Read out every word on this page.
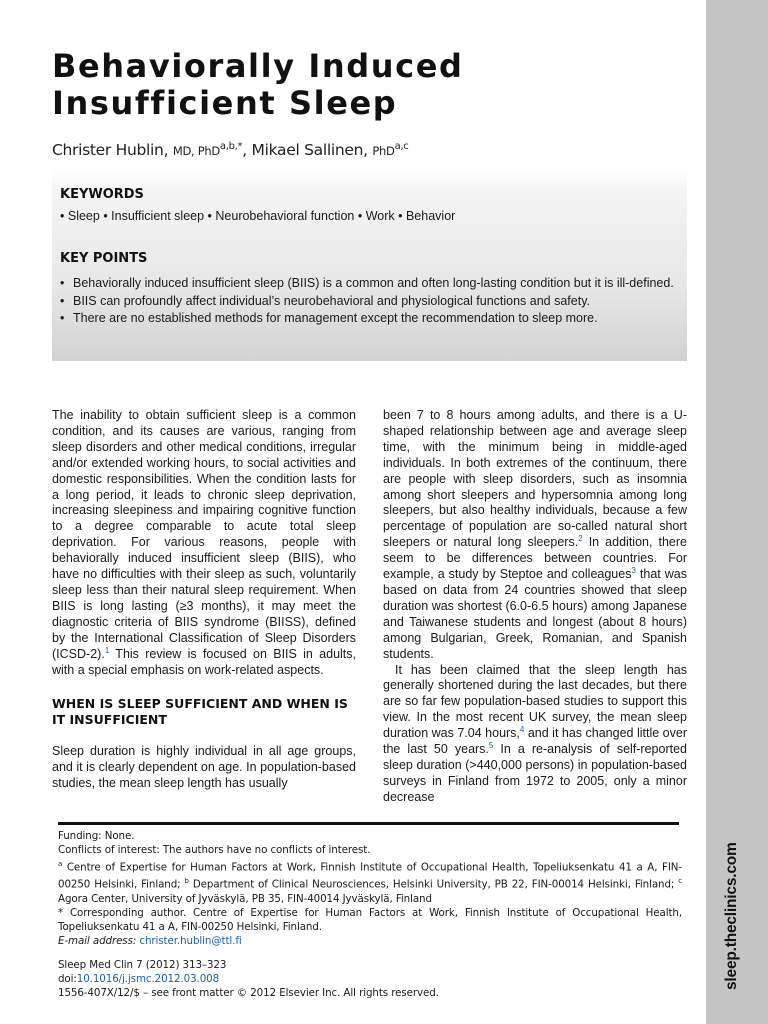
sleep.theclinics.com
Behaviorally Induced
Insufficient Sleep
Christer Hublin, MD, PhD$^{a,b,*}$, Mikael Sallinen, PhD$^{a,c}$
KEYWORDS
• Sleep • Insufficient sleep • Neurobehavioral function • Work • Behavior
KEY POINTS
• Behaviorally induced insufficient sleep (BIIS) is a common and often long-lasting condition but it is ill-defined.
• BIIS can profoundly affect individual’s neurobehavioral and physiological functions and safety.
• There are no established methods for management except the recommendation to sleep more.

The inability to obtain sufficient sleep is a common condition, and its causes are various, ranging from sleep disorders and other medical conditions, irregular and/or extended working hours, to social activities and domestic responsibilities. When the condition lasts for a long period, it leads to chronic sleep deprivation, increasing sleepiness and impairing cognitive function to a degree comparable to acute total sleep deprivation. For various reasons, people with behaviorally induced insufficient sleep (BIIS), who have no difficulties with their sleep as such, voluntarily sleep less than their natural sleep requirement. When BIIS is long lasting (≥3 months), it may meet the diagnostic criteria of BIIS syndrome (BIISS), defined by the International Classification of Sleep Disorders (ICSD-2).$^1$ This review is focused on BIIS in adults, with a special emphasis on work-related aspects.

WHEN IS SLEEP SUFFICIENT AND WHEN IS IT INSUFFICIENT

Sleep duration is highly individual in all age groups, and it is clearly dependent on age. In population-based studies, the mean sleep length has usually

been 7 to 8 hours among adults, and there is a U-shaped relationship between age and average sleep time, with the minimum being in middle-aged individuals. In both extremes of the continuum, there are people with sleep disorders, such as insomnia among short sleepers and hypersomnia among long sleepers, but also healthy individuals, because a few percentage of population are so-called natural short sleepers or natural long sleepers.$^2$ In addition, there seem to be differences between countries. For example, a study by Steptoe and colleagues$^3$ that was based on data from 24 countries showed that sleep duration was shortest (6.0-6.5 hours) among Japanese and Taiwanese students and longest (about 8 hours) among Bulgarian, Greek, Romanian, and Spanish students.

It has been claimed that the sleep length has generally shortened during the last decades, but there are so far few population-based studies to support this view. In the most recent UK survey, the mean sleep duration was 7.04 hours,$^4$ and it has changed little over the last 50 years.$^5$ In a re-analysis of self-reported sleep duration (>440,000 persons) in population-based surveys in Finland from 1972 to 2005, only a minor decrease

Funding: None.

Conflicts of interest: The authors have no conflicts of interest.

$^a$ Centre of Expertise for Human Factors at Work, Finnish Institute of Occupational Health, Topeliuksenkatu 41 a A, FIN-00250 Helsinki, Finland; $^b$ Department of Clinical Neurosciences, Helsinki University, PB 22, FIN-00014 Helsinki, Finland; $^c$ Agora Center, University of Jyväskylä, PB 35, FIN-40014 Jyväskylä, Finland

* Corresponding author. Centre of Expertise for Human Factors at Work, Finnish Institute of Occupational Health, Topeliuksenkatu 41 a A, FIN-00250 Helsinki, Finland.

E-mail address: christer.hublin@ttl.fi

Sleep Med Clin 7 (2012) 313–323

doi:10.1016/j.jsmc.2012.03.008

1556-407X/12/$ – see front matter © 2012 Elsevier Inc. All rights reserved.
